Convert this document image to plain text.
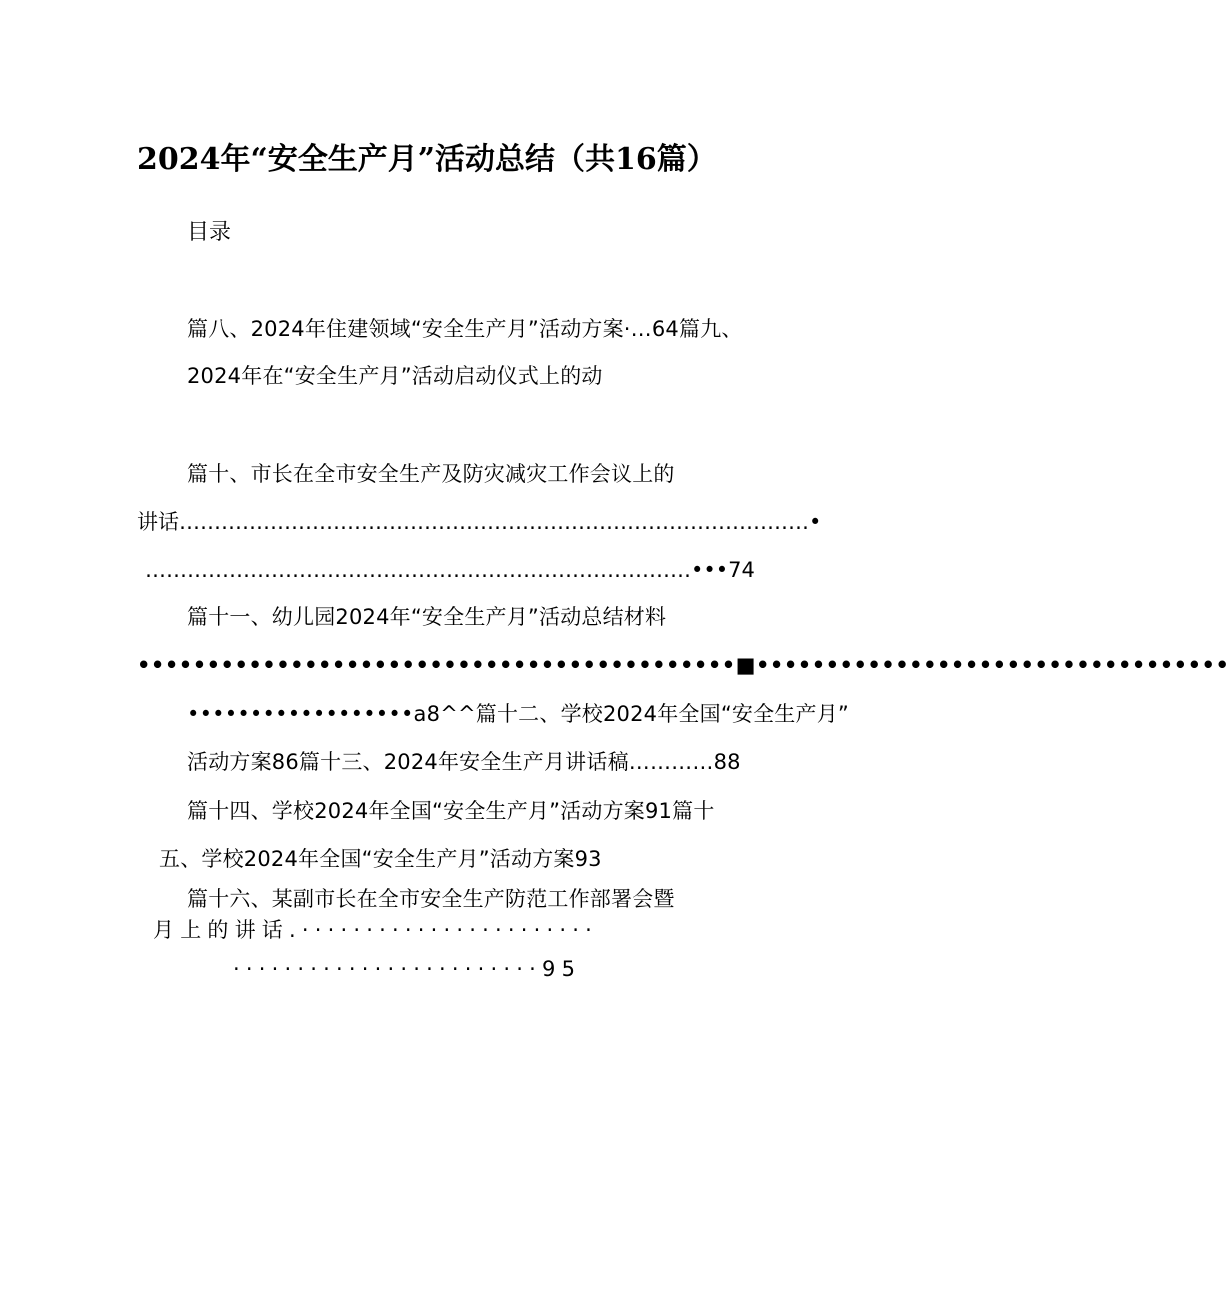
2024年“安全生产月”活动总结（共16篇）
目录
篇八、2024年住建领域“安全生产月”活动方案·…64篇九、
2024年在“安全生产月”活动启动仪式上的动
篇十、市长在全市安全生产及防灾减灾工作会议上的
讲话………………………………………………………………………………•
……………………………………………………………………•••74
篇十一、幼儿园2024年“安全生产月”活动总结材料
•••••••••••••••••••••••••••••••••••••••••••■••••••••••••••••••••••••••••••••••
••••••••••••••••••a8^^篇十二、学校2024年全国“安全生产月”
活动方案86篇十三、2024年安全生产月讲话稿…………88
篇十四、学校2024年全国“安全生产月”活动方案91篇十
五、学校2024年全国“安全生产月”活动方案93
篇十六、某副市长在全市安全生产防范工作部署会暨
月上的讲话.·······················
························95
